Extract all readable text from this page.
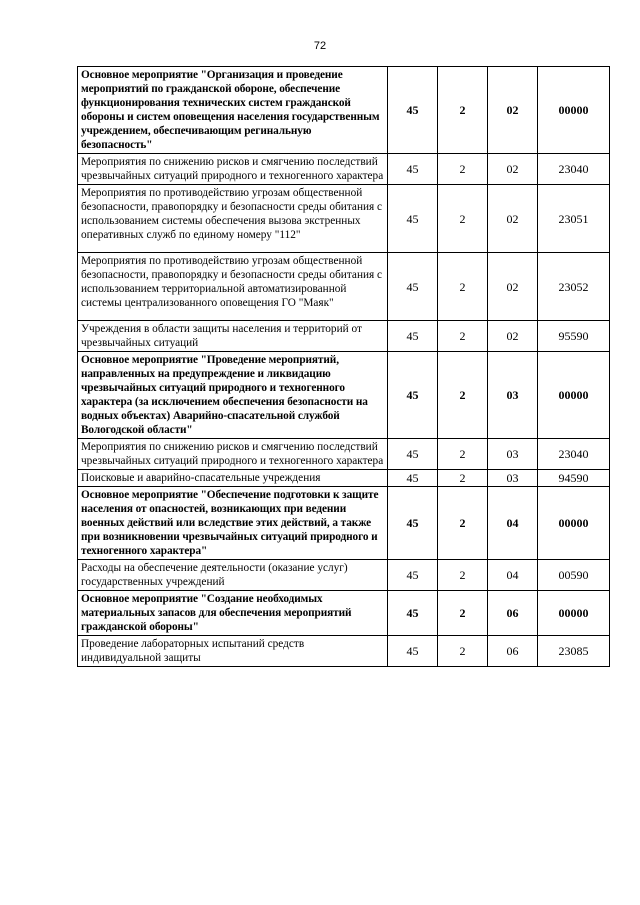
72
Основное мероприятие "Организация и проведение мероприятий по гражданской обороне, обеспечение функционирования технических систем гражданской обороны и систем оповещения населения государственным учреждением, обеспечивающим регинальную безопасность"	45	2	02	00000
Мероприятия по снижению рисков и смягчению последствий чрезвычайных ситуаций природного и техногенного характера	45	2	02	23040
Мероприятия по противодействию угрозам общественной безопасности, правопорядку и безопасности среды обитания с использованием системы обеспечения вызова экстренных оперативных служб по единому номеру "112"	45	2	02	23051
Мероприятия по противодействию угрозам общественной безопасности, правопорядку и безопасности среды обитания с использованием территориальной автоматизированной системы централизованного оповещения ГО "Маяк"	45	2	02	23052
Учреждения в области защиты населения и территорий от чрезвычайных ситуаций	45	2	02	95590
Основное мероприятие "Проведение мероприятий, направленных на предупреждение и ликвидацию чрезвычайных ситуаций природного и техногенного характера (за исключением обеспечения безопасности на водных объектах) Аварийно-спасательной службой Вологодской области"	45	2	03	00000
Мероприятия по снижению рисков и смягчению последствий чрезвычайных ситуаций природного и техногенного характера	45	2	03	23040
Поисковые и аварийно-спасательные учреждения	45	2	03	94590
Основное мероприятие "Обеспечение подготовки к защите населения от опасностей, возникающих при ведении военных действий или вследствие этих действий, а также при возникновении чрезвычайных ситуаций природного и техногенного характера"	45	2	04	00000
Расходы на обеспечение деятельности (оказание услуг) государственных учреждений	45	2	04	00590
Основное мероприятие "Создание необходимых материальных запасов для обеспечения мероприятий гражданской обороны"	45	2	06	00000
Проведение лабораторных испытаний средств индивидуальной защиты	45	2	06	23085
